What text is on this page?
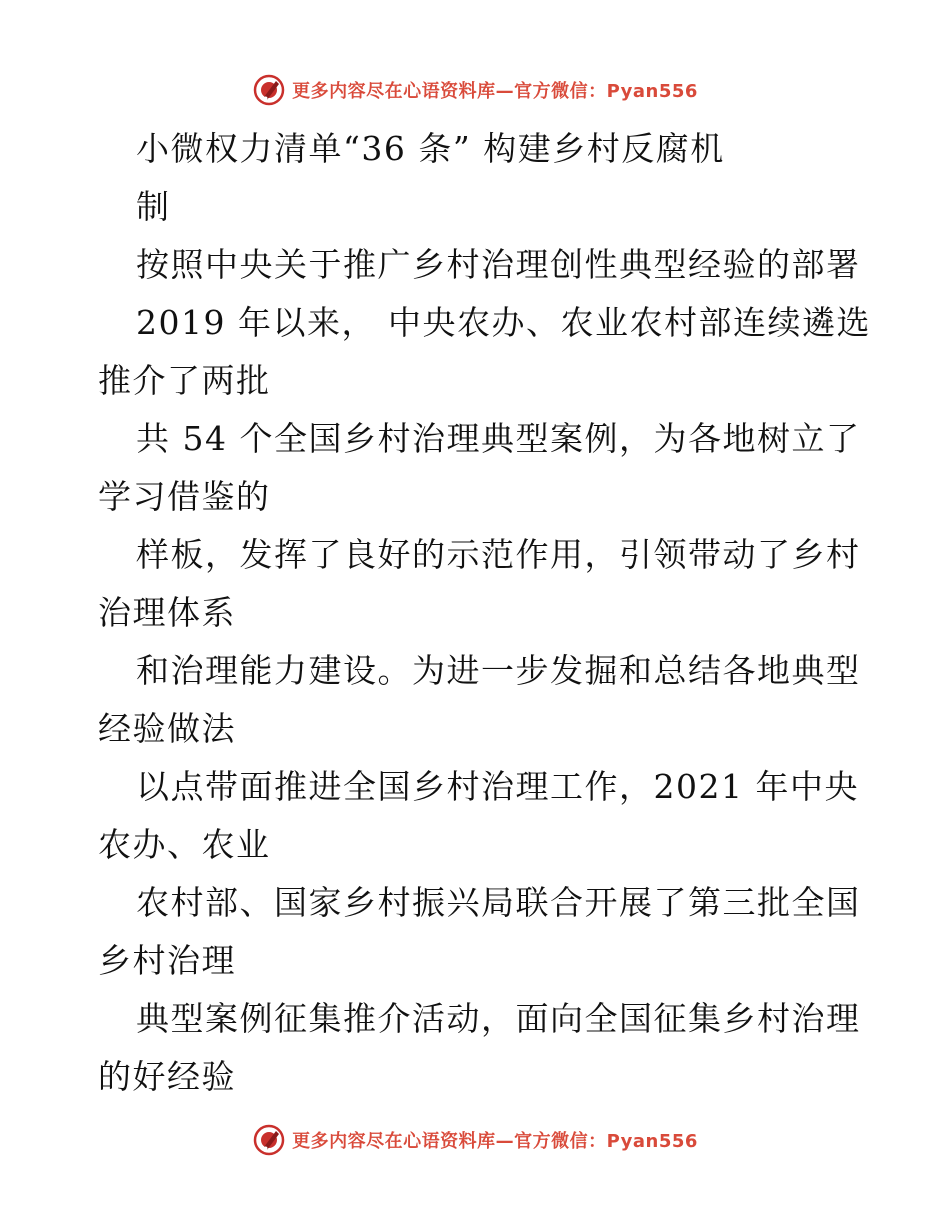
更多内容尽在心语资料库—官方微信：Pyan556
小微权力清单“36 条” 构建乡村反腐机
制
按照中央关于推广乡村治理创性典型经验的部署
2019 年以来， 中央农办、农业农村部连续遴选
推介了两批
共 54 个全国乡村治理典型案例，为各地树立了
学习借鉴的
样板，发挥了良好的示范作用，引领带动了乡村
治理体系
和治理能力建设。为进一步发掘和总结各地典型
经验做法
以点带面推进全国乡村治理工作，2021 年中央
农办、农业
农村部、国家乡村振兴局联合开展了第三批全国
乡村治理
典型案例征集推介活动，面向全国征集乡村治理
的好经验
更多内容尽在心语资料库—官方微信：Pyan556
